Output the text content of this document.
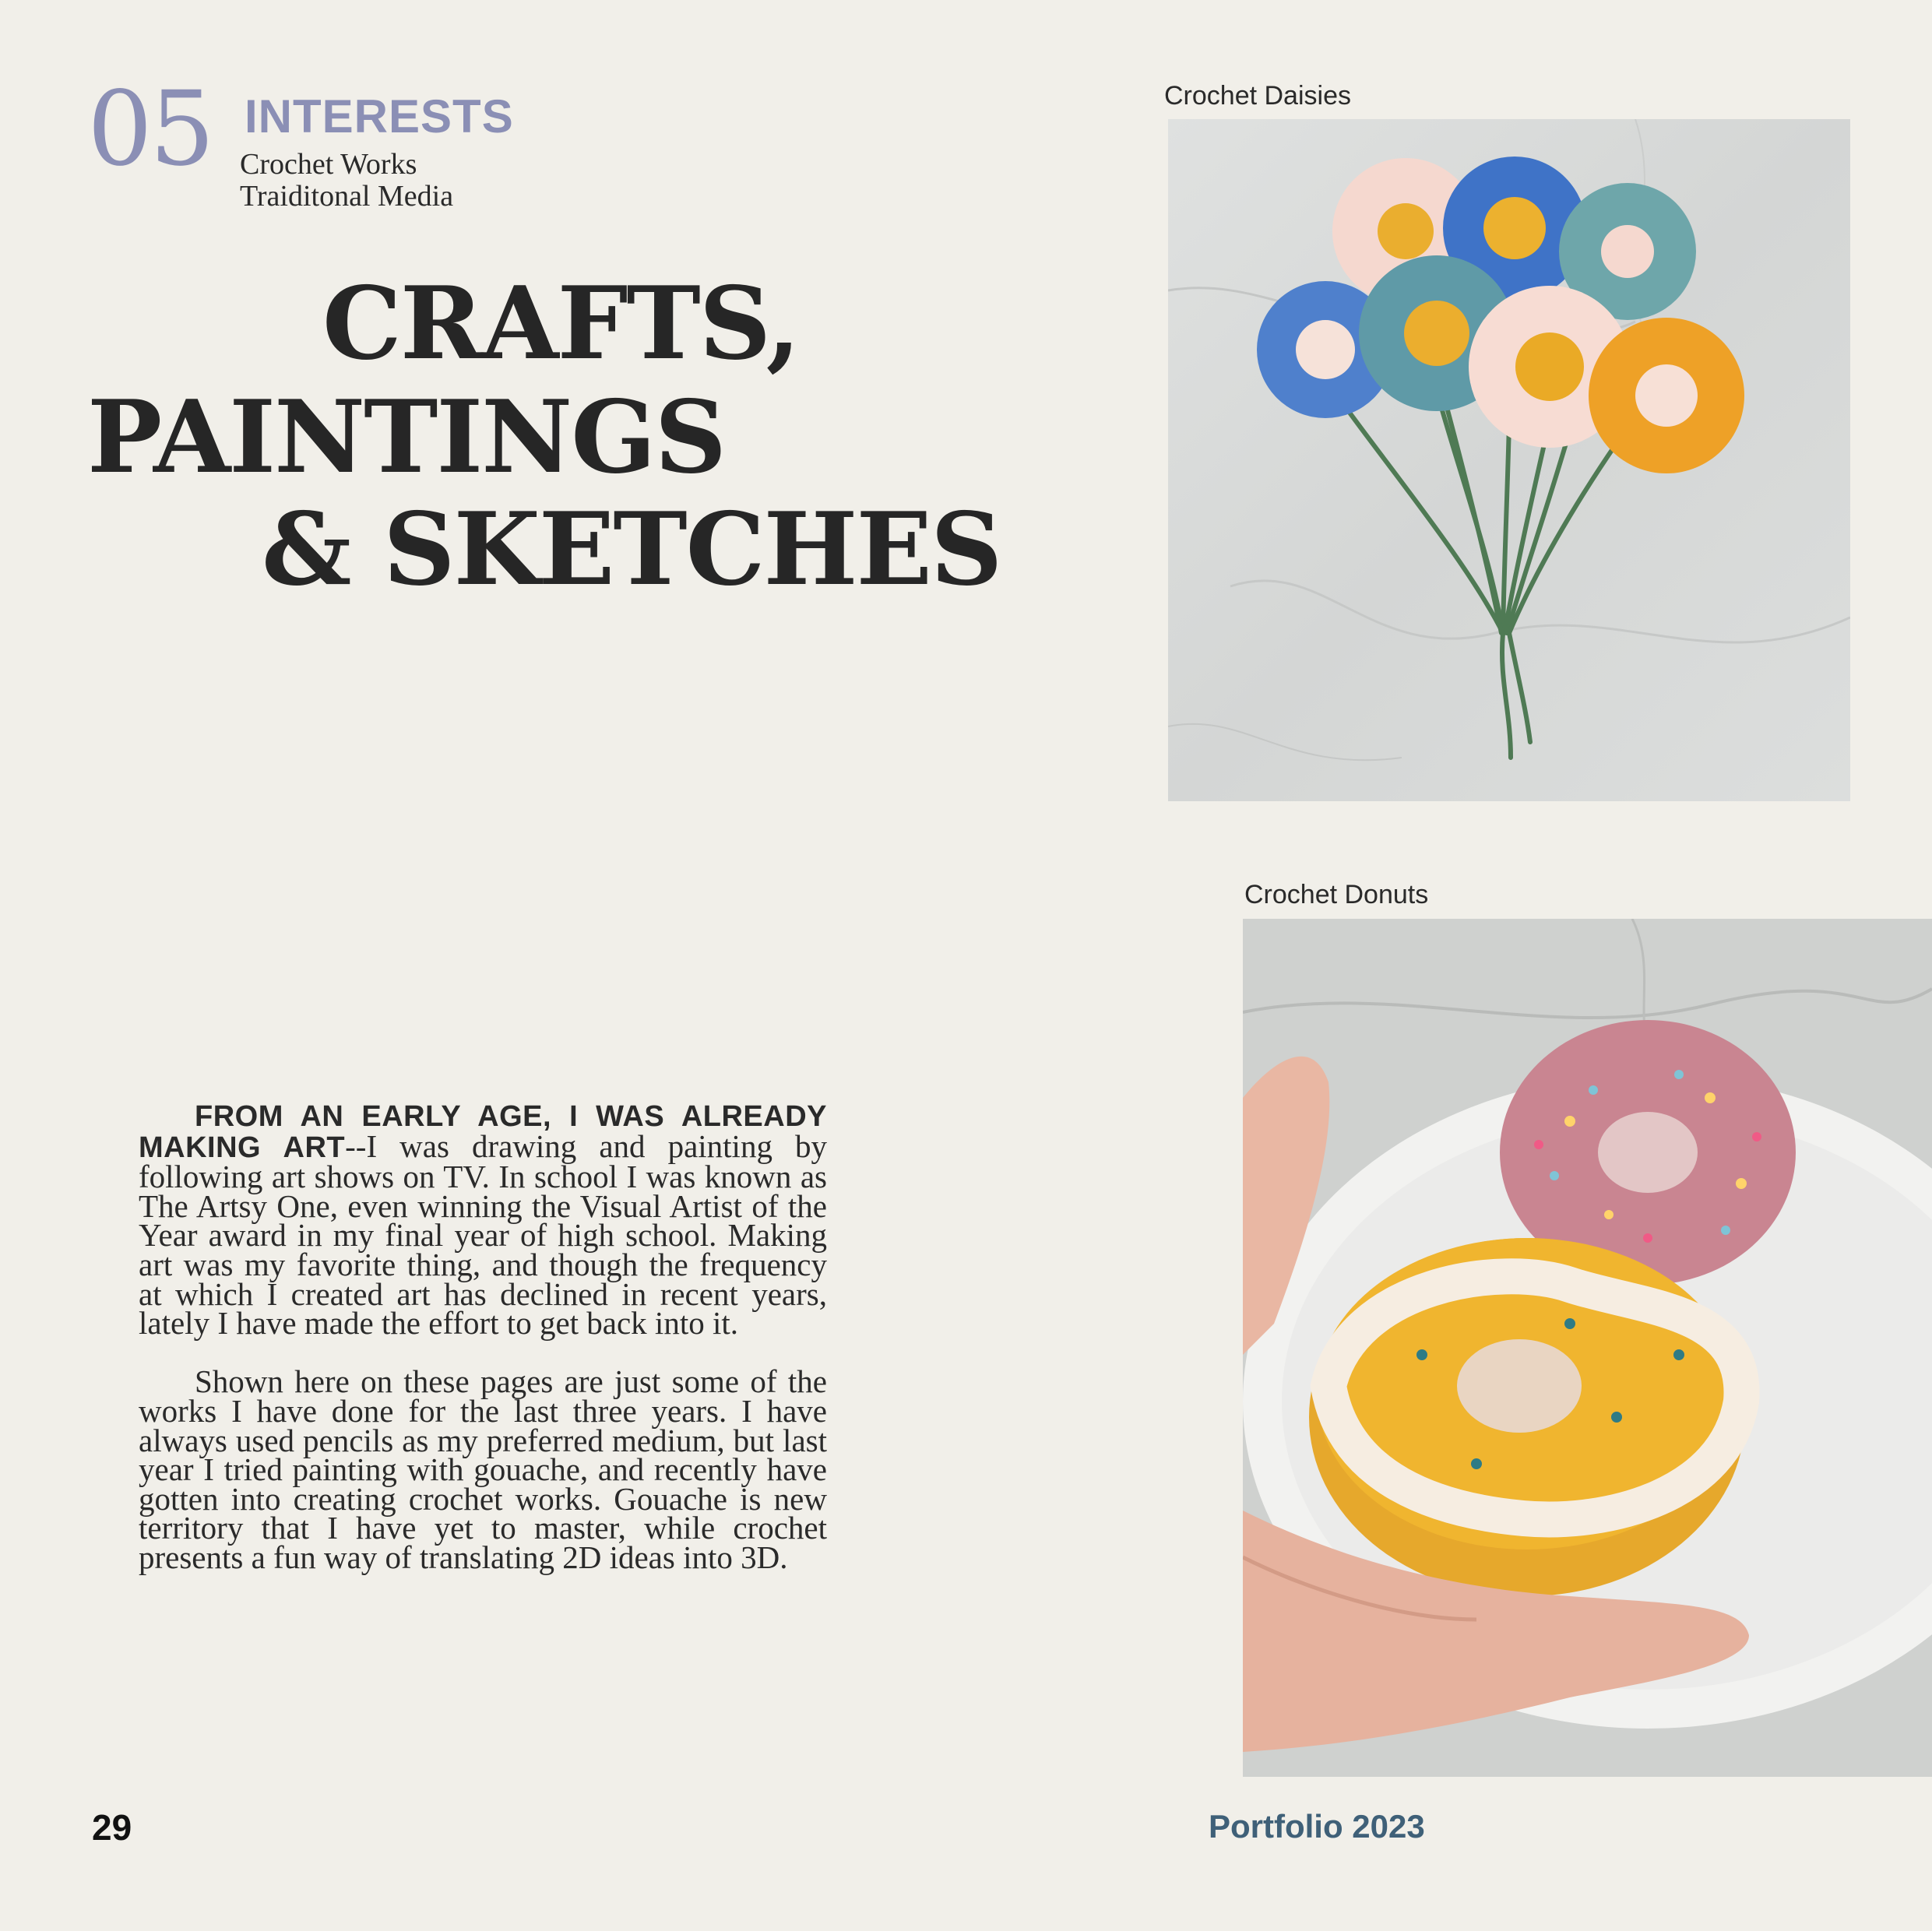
05 INTERESTS
Crochet Works
Traiditonal Media
CRAFTS,
PAINTINGS
& SKETCHES

FROM AN EARLY AGE, I WAS ALREADY MAKING ART--I was drawing and painting by following art shows on TV. In school I was known as The Artsy One, even winning the Visual Artist of the Year award in my final year of high school. Making art was my favorite thing, and though the frequency at which I created art has declined in recent years, lately I have made the effort to get back into it.

Shown here on these pages are just some of the works I have done for the last three years. I have always used pencils as my preferred medium, but last year I tried painting with gouache, and recently have gotten into creating crochet works. Gouache is new territory that I have yet to master, while crochet presents a fun way of translating 2D ideas into 3D.

Crochet Daisies
Crochet Donuts
29	Portfolio 2023
